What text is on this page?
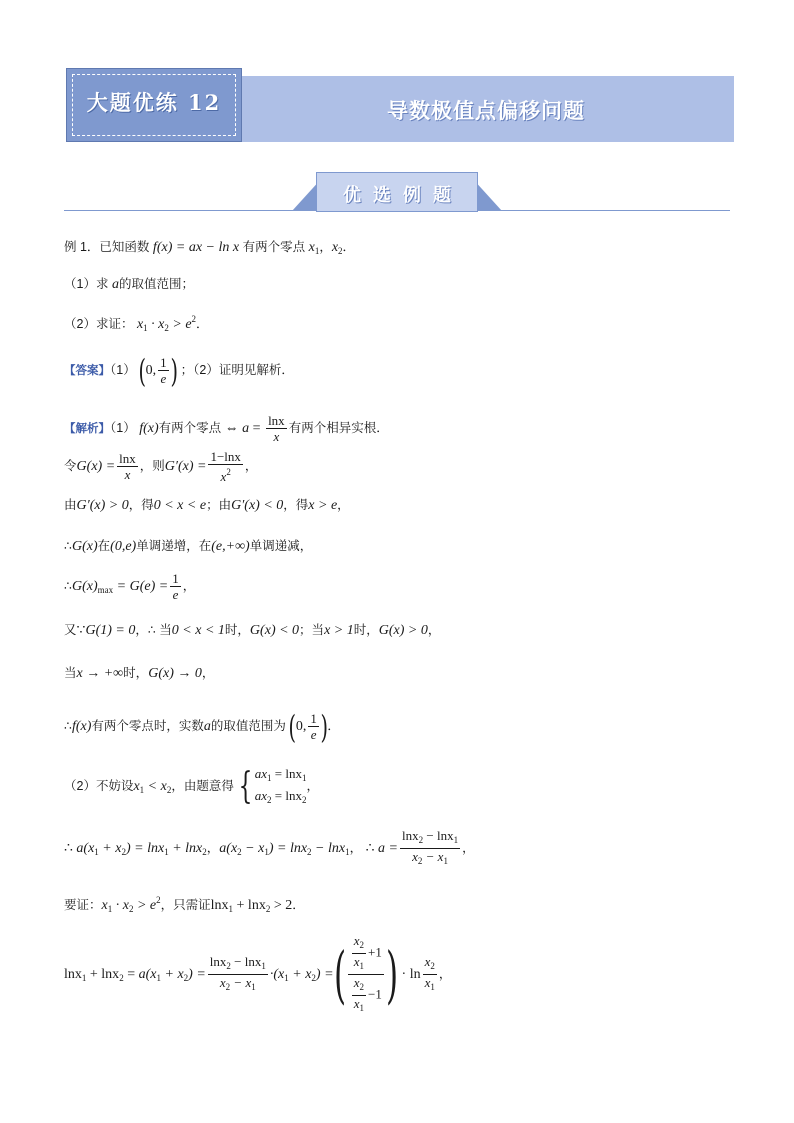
导数极值点偏移问题
大题优练 12
优选例题
例 1．已知函数 f(x) = ax − ln x 有两个零点 $x_1$，$x_2$．
（1）求 a的取值范围；
（2）求证： $x_1 \cdot x_2 > e^2$．
【答案】（1） (0, $\frac{1}{e}$ ) ；（2）证明见解析．
【解析】（1） f(x)有两个零点 ⇔ $a = \frac{\ln x}{x}$ 有两个相异实根．
令$G(x) = \frac{\ln x}{x}$ ，则$G'(x) = \frac{1-\ln x}{x^2}$ ，
由G′(x) > 0，得0 < x < e；由G′(x) < 0，得x > e，
∴G(x)在(0,e)单调递增，在(e,+∞)单调递减，
$\therefore G(x)_{max} = G(e) = \frac{1}{e}$ ，
又∵G(1) = 0，∴ 当0 < x < 1时，G(x) < 0；当x > 1时，G(x) > 0，
当x → +∞时，G(x) → 0，
∴f(x)有两个零点时，实数a的取值范围为 (0, $\frac{1}{e}$ )．
（2）不妨设$x_1 < x_2$，由题意得 { $ax_1 = \ln x_1$
$ax_2 = \ln x_2$
，
∴ $a(x_1 + x_2) = \ln x_1 + \ln x_2$，$a(x_2 - x_1) = \ln x_2 - \ln x_1$， ∴ $a = \frac{\ln x_2 - \ln x_1}{x_2 - x_1}$ ，
要证：$x_1 \cdot x_2 > e^2$，只需证lnx$_1$ + lnx$_2$ > 2．
$\ln x_1 + \ln x_2 = a(x_1 + x_2) = \frac{\ln x_2 - \ln x_1}{x_2 - x_1} \cdot(x_1 + x_2)$ =( $\frac{\frac{x_2}{x_1} +1}{\frac{x_2}{x_1} -1}$ ) · $\ln \frac{x_2}{x_1}$ ，
